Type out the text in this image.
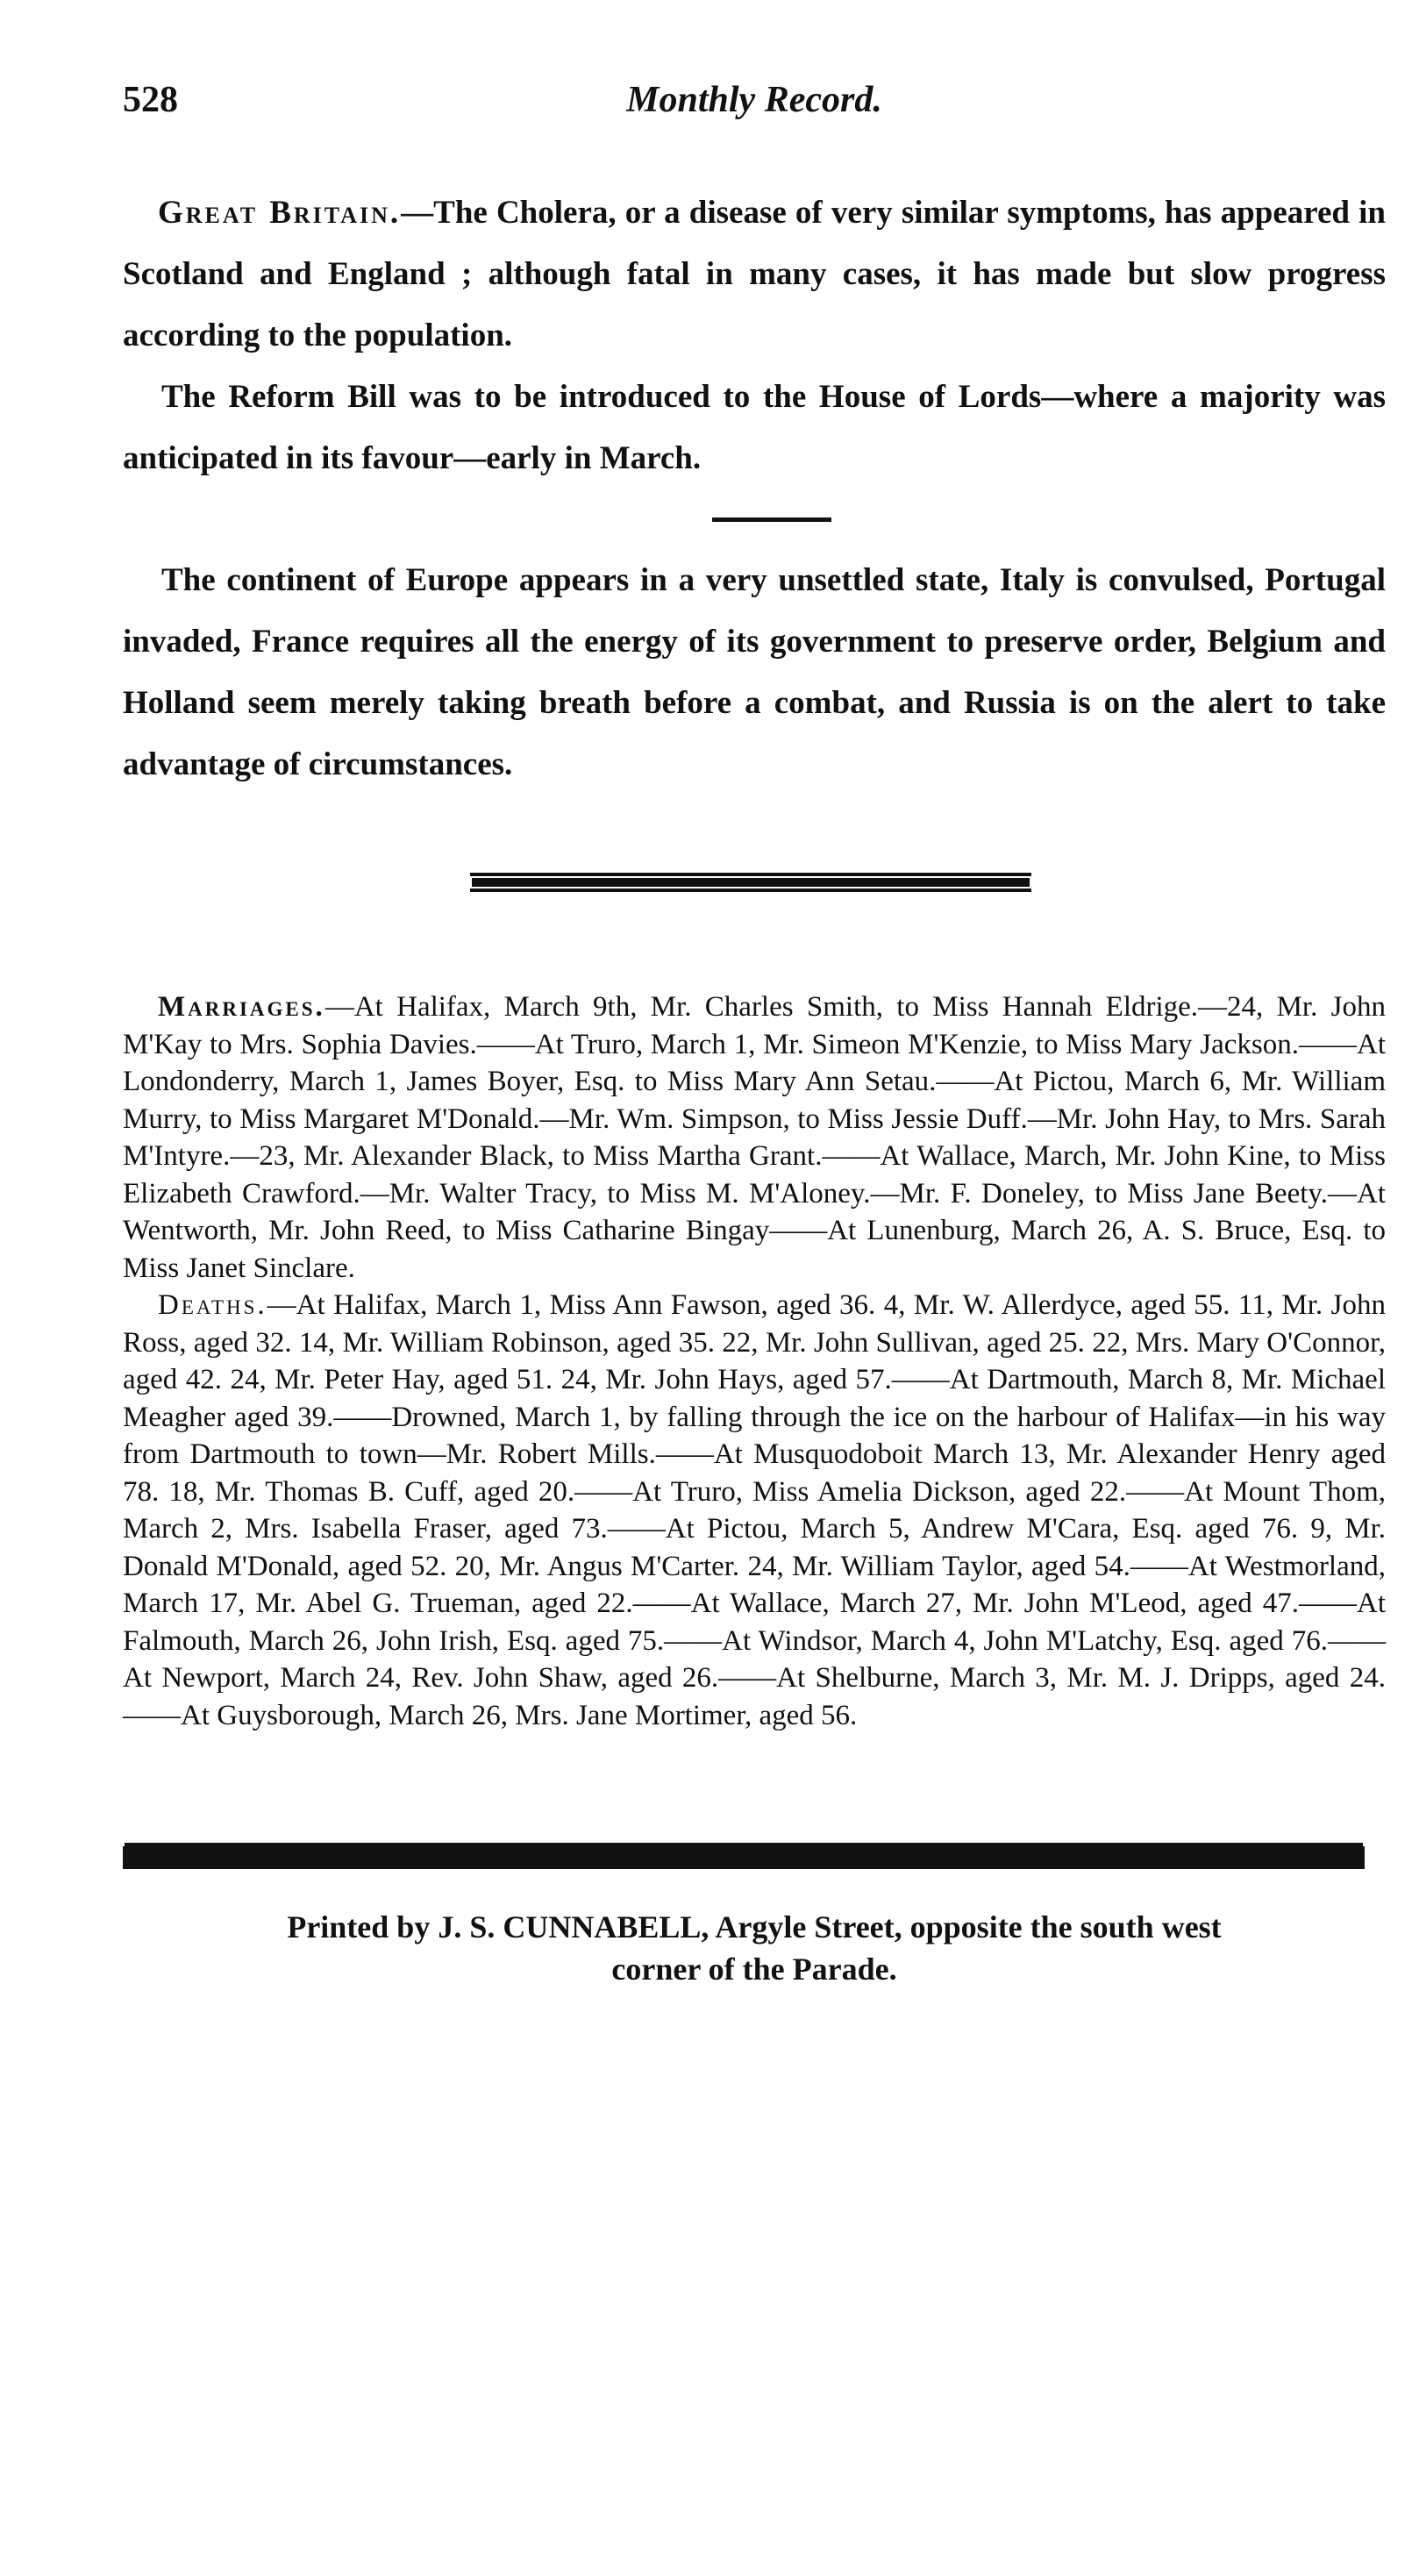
528	Monthly Record.

Great Britain.—The Cholera, or a disease of very similar symptoms, has appeared in Scotland and England ; although fatal in many cases, it has made but slow progress according to the population.

The Reform Bill was to be introduced to the House of Lords—where a majority was anticipated in its favour—early in March.

The continent of Europe appears in a very unsettled state, Italy is convulsed, Portugal invaded, France requires all the energy of its government to preserve order, Belgium and Holland seem merely taking breath before a combat, and Russia is on the alert to take advantage of circumstances.

Marriages.—At Halifax, March 9th, Mr. Charles Smith, to Miss Hannah Eldrige.—24, Mr. John M'Kay to Mrs. Sophia Davies.——At Truro, March 1, Mr. Simeon M'Kenzie, to Miss Mary Jackson.——At Londonderry, March 1, James Boyer, Esq. to Miss Mary Ann Setau.——At Pictou, March 6, Mr. William Murry, to Miss Margaret M'Donald.—Mr. Wm. Simpson, to Miss Jessie Duff.—Mr. John Hay, to Mrs. Sarah M'Intyre.—23, Mr. Alexander Black, to Miss Martha Grant.——At Wallace, March, Mr. John Kine, to Miss Elizabeth Crawford.—Mr. Walter Tracy, to Miss M. M'Aloney.—Mr. F. Doneley, to Miss Jane Beety.—At Wentworth, Mr. John Reed, to Miss Catharine Bingay——At Lunenburg, March 26, A. S. Bruce, Esq. to Miss Janet Sinclare.

Deaths.—At Halifax, March 1, Miss Ann Fawson, aged 36. 4, Mr. W. Allerdyce, aged 55. 11, Mr. John Ross, aged 32. 14, Mr. William Robinson, aged 35. 22, Mr. John Sullivan, aged 25. 22, Mrs. Mary O'Connor, aged 42. 24, Mr. Peter Hay, aged 51. 24, Mr. John Hays, aged 57.——At Dartmouth, March 8, Mr. Michael Meagher aged 39.——Drowned, March 1, by falling through the ice on the harbour of Halifax—in his way from Dartmouth to town—Mr. Robert Mills.——At Musquodoboit March 13, Mr. Alexander Henry aged 78. 18, Mr. Thomas B. Cuff, aged 20.——At Truro, Miss Amelia Dickson, aged 22.——At Mount Thom, March 2, Mrs. Isabella Fraser, aged 73.——At Pictou, March 5, Andrew M'Cara, Esq. aged 76. 9, Mr. Donald M'Donald, aged 52. 20, Mr. Angus M'Carter. 24, Mr. William Taylor, aged 54.——At Westmorland, March 17, Mr. Abel G. Trueman, aged 22.——At Wallace, March 27, Mr. John M'Leod, aged 47.——At Falmouth, March 26, John Irish, Esq. aged 75.——At Windsor, March 4, John M'Latchy, Esq. aged 76.——At Newport, March 24, Rev. John Shaw, aged 26.——At Shelburne, March 3, Mr. M. J. Dripps, aged 24.——At Guysborough, March 26, Mrs. Jane Mortimer, aged 56.

Printed by J. S. CUNNABELL, Argyle Street, opposite the south west
corner of the Parade.
